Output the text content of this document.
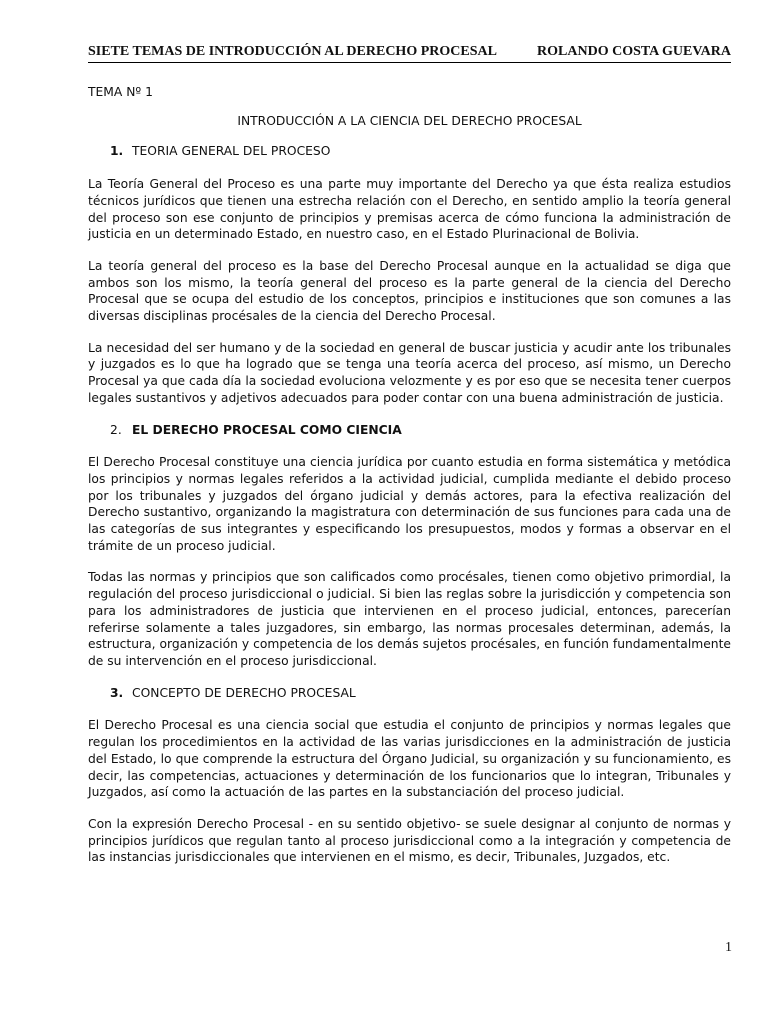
SIETE TEMAS DE INTRODUCCIÓN AL DERECHO PROCESAL	ROLANDO COSTA GUEVARA
TEMA Nº 1
INTRODUCCIÓN A LA CIENCIA DEL DERECHO PROCESAL
1. TEORIA GENERAL DEL PROCESO

La Teoría General del Proceso es una parte muy importante del Derecho ya que ésta realiza estudios técnicos jurídicos que tienen una estrecha relación con el Derecho, en sentido amplio la teoría general del proceso son ese conjunto de principios y premisas acerca de cómo funciona la administración de justicia en un determinado Estado, en nuestro caso, en el Estado Plurinacional de Bolivia.

La teoría general del proceso es la base del Derecho Procesal aunque en la actualidad se diga que ambos son los mismo, la teoría general del proceso es la parte general de la ciencia del Derecho Procesal que se ocupa del estudio de los conceptos, principios e instituciones que son comunes a las diversas disciplinas procésales de la ciencia del Derecho Procesal.

La necesidad del ser humano y de la sociedad en general de buscar justicia y acudir ante los tribunales y juzgados es lo que ha logrado que se tenga una teoría acerca del proceso, así mismo, un Derecho Procesal ya que cada día la sociedad evoluciona velozmente y es por eso que se necesita tener cuerpos legales sustantivos y adjetivos adecuados para poder contar con una buena administración de justicia.

2. EL DERECHO PROCESAL COMO CIENCIA

El Derecho Procesal constituye una ciencia jurídica por cuanto estudia en forma sistemática y metódica los principios y normas legales referidos a la actividad judicial, cumplida mediante el debido proceso por los tribunales y juzgados del órgano judicial y demás actores, para la efectiva realización del Derecho sustantivo, organizando la magistratura con determinación de sus funciones para cada una de las categorías de sus integrantes y especificando los presupuestos, modos y formas a observar en el trámite de un proceso judicial.

Todas las normas y principios que son calificados como procésales, tienen como objetivo primordial, la regulación del proceso jurisdiccional o judicial. Si bien las reglas sobre la jurisdicción y competencia son para los administradores de justicia que intervienen en el proceso judicial, entonces, parecerían referirse solamente a tales juzgadores, sin embargo, las normas procesales determinan, además, la estructura, organización y competencia de los demás sujetos procésales, en función fundamentalmente de su intervención en el proceso jurisdiccional.

3. CONCEPTO DE DERECHO PROCESAL

El Derecho Procesal es una ciencia social que estudia el conjunto de principios y normas legales que regulan los procedimientos en la actividad de las varias jurisdicciones en la administración de justicia del Estado, lo que comprende la estructura del Órgano Judicial, su organización y su funcionamiento, es decir, las competencias, actuaciones y determinación de los funcionarios que lo integran, Tribunales y Juzgados, así como la actuación de las partes en la substanciación del proceso judicial.

Con la expresión Derecho Procesal - en su sentido objetivo- se suele designar al conjunto de normas y principios jurídicos que regulan tanto al proceso jurisdiccional como a la integración y competencia de las instancias jurisdiccionales que intervienen en el mismo, es decir, Tribunales, Juzgados, etc.

1
